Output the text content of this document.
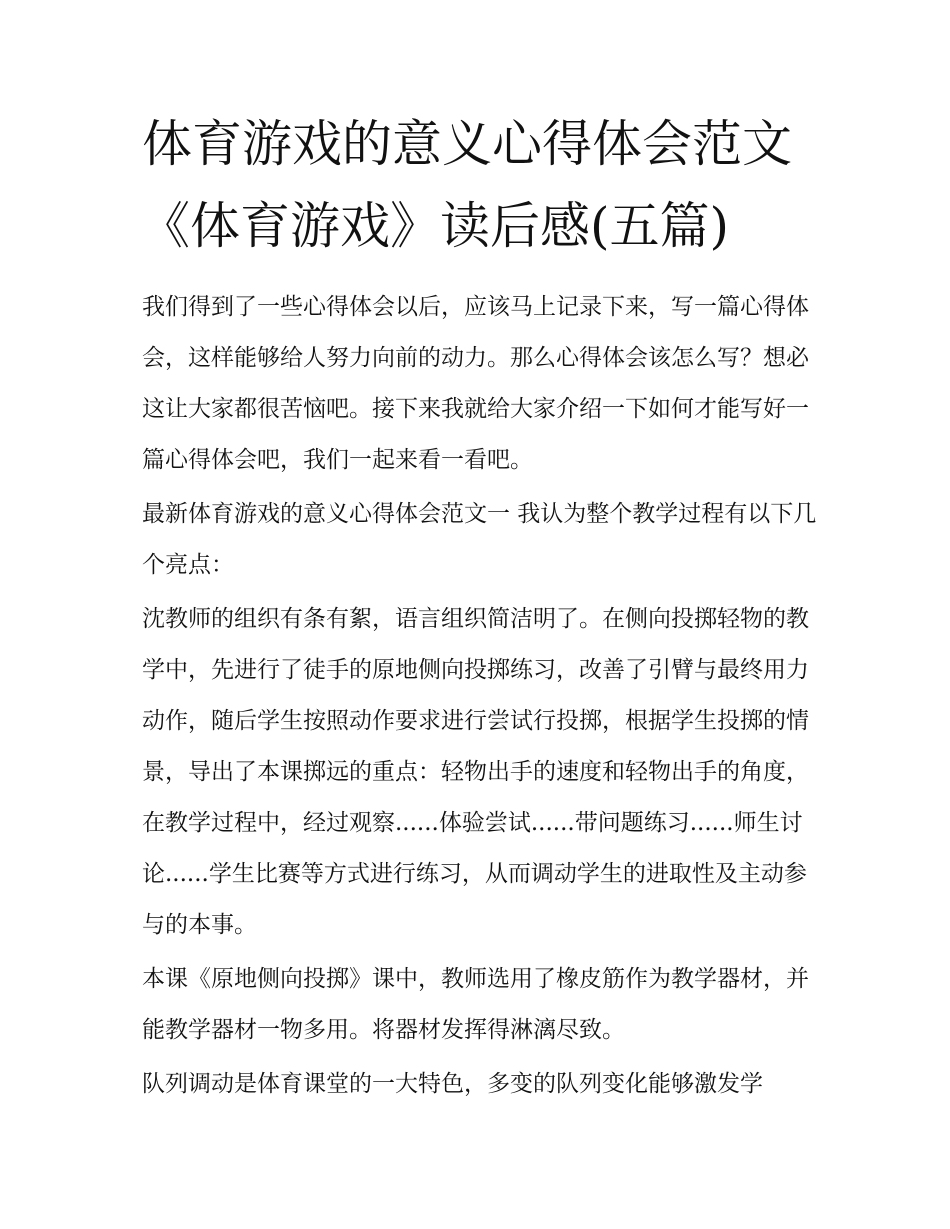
体育游戏的意义心得体会范文
《体育游戏》读后感(五篇)

我们得到了一些心得体会以后，应该马上记录下来，写一篇心得体会，这样能够给人努力向前的动力。那么心得体会该怎么写？想必这让大家都很苦恼吧。接下来我就给大家介绍一下如何才能写好一篇心得体会吧，我们一起来看一看吧。

最新体育游戏的意义心得体会范文一 我认为整个教学过程有以下几个亮点：

沈教师的组织有条有絮，语言组织简洁明了。在侧向投掷轻物的教学中，先进行了徒手的原地侧向投掷练习，改善了引臂与最终用力动作，随后学生按照动作要求进行尝试行投掷，根据学生投掷的情景，导出了本课掷远的重点：轻物出手的速度和轻物出手的角度，在教学过程中，经过观察......体验尝试......带问题练习......师生讨论......学生比赛等方式进行练习，从而调动学生的进取性及主动参与的本事。

本课《原地侧向投掷》课中，教师选用了橡皮筋作为教学器材，并能教学器材一物多用。将器材发挥得淋漓尽致。

队列调动是体育课堂的一大特色，多变的队列变化能够激发学
